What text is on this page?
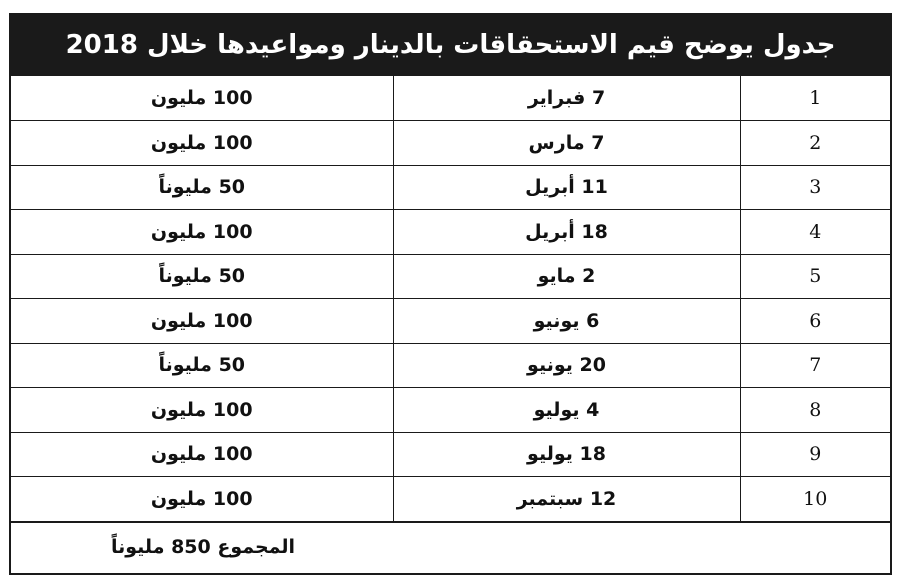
جدول يوضح قيم الاستحقاقات بالدينار ومواعيدها خلال 2018
1	7 فبراير	100 مليون
2	7 مارس	100 مليون
3	11 أبريل	50 مليوناً
4	18 أبريل	100 مليون
5	2 مايو	50 مليوناً
6	6 يونيو	100 مليون
7	20 يونيو	50 مليوناً
8	4 يوليو	100 مليون
9	18 يوليو	100 مليون
10	12 سبتمبر	100 مليون
المجموع 850 مليوناً
